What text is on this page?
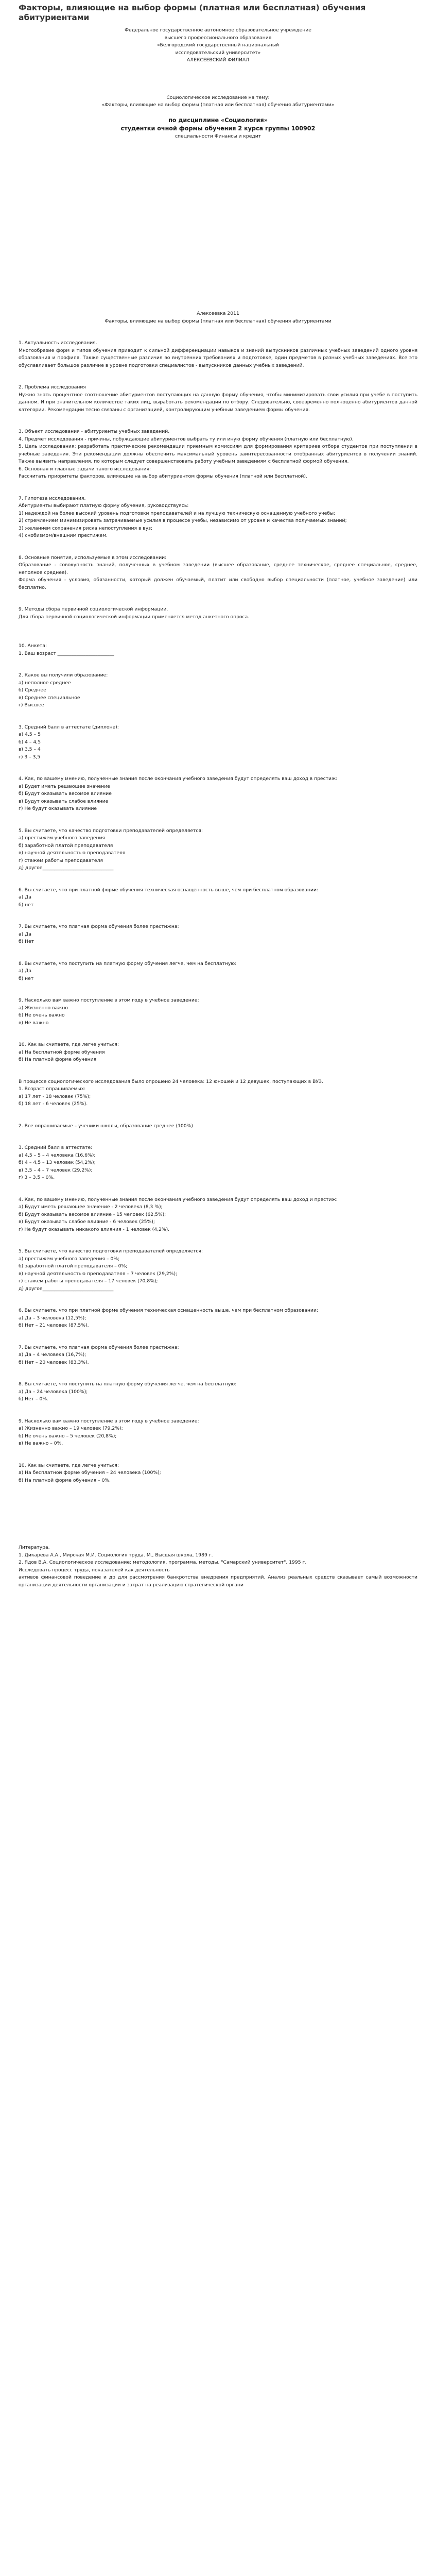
Факторы, влияющие на выбор формы (платная или бесплатная) обучения абитуриентами

Федеральное государственное автономное образовательное учреждение

высшего профессионального образования

«Белгородский государственный национальный

исследовательский университет»

АЛЕКСЕЕВСКИЙ ФИЛИАЛ

Социологическое исследование на тему:

«Факторы, влияющие на выбор формы (платная или бесплатная) обучения абитуриентами»

по дисциплине «Социология»

студентки очной формы обучения 2 курса группы 100902

специальности Финансы и кредит

Алексеевка 2011

Факторы, влияющие на выбор формы (платная или бесплатная) обучения абитуриентами

1. Актуальность исследования.

Многообразие форм и типов обучения приводит к сильной дифференциации навыков и знаний выпускников различных учебных заведений одного уровня образования и профиля. Также существенные различия во внутренних требованиях и подготовке, один предметов в разных учебных заведениях. Все это обуславливает большое различие в уровне подготовки специалистов - выпускников данных учебных заведений.

2. Проблема исследования

Нужно знать процентное соотношение абитуриентов поступающих на данную форму обучения, чтобы минимизировать свои усилия при учебе в поступить данном. И при значительном количестве таких лиц, выработать рекомендации по отбору. Следовательно, своевременно полноценно абитуриентов данной категории. Рекомендации тесно связаны с организацией, контролирующим учебным заведением формы обучения.

3. Объект исследования - абитуриенты учебных заведений.

4. Предмет исследования - причины, побуждающие абитуриентов выбрать ту или иную форму обучения (платную или бесплатную).

5. Цель исследования: разработать практические рекомендации приемным комиссиям для формирования критериев отбора студентов при поступлении в учебные заведения. Эти рекомендации должны обеспечить максимальный уровень заинтересованности отобранных абитуриентов в получении знаний. Также выявить направления, по которым следует совершенствовать работу учебным заведениям с бесплатной формой обучения.

6. Основная и главные задачи такого исследования:

Рассчитать приоритеты факторов, влияющие на выбор абитуриентом формы обучения (платной или бесплатной).

7. Гипотеза исследования.

Абитуриенты выбирают платную форму обучения, руководствуясь:

1) надеждой на более высокий уровень подготовки преподавателей и на лучшую техническую оснащенную учебного учебы;

2) стремлением минимизировать затрачиваемые усилия в процессе учебы, независимо от уровня и качества получаемых знаний;

3) желанием сохранения риска непоступления в вуз;

4) снобизмом/внешним престижем.

8. Основные понятия, используемые в этом исследовании:

Образование - совокупность знаний, полученных в учебном заведении (высшее образование, среднее техническое, среднее специальное, среднее, неполное среднее).

Форма обучения - условия, обязанности, который должен обучаемый, платит или свободно выбор специальности (платное, учебное заведение) или бесплатно.

9. Методы сбора первичной социологической информации.

Для сбора первичной социологической информации применяется метод анкетного опроса.

10. Анкета:

1. Ваш возраст ________________________

2. Какое вы получили образование:

а) неполное среднее

б) Среднее

в) Среднее специальное

г) Высшее

3. Средний балл в аттестате (диплоне):

а) 4,5 – 5

б) 4 – 4,5

в) 3,5 – 4

г) 3 – 3,5

4. Как, по вашему мнению, полученные знания после окончания учебного заведения будут определять ваш доход в престиж:

а) Будет иметь решающее значение

б) Будут оказывать весомое влияние

в) Будут оказывать слабое влияние

г) Не будут оказывать влияние

5. Вы считаете, что качество подготовки преподавателей определяется:

а) престижем учебного заведения

б) заработной платой преподавателя

в) научной деятельностью преподавателя

г) стажем работы преподавателя

д) другое______________________________

6. Вы считаете, что при платной форме обучения техническая оснащенность выше, чем при бесплатном образовании:

а) Да

б) нет

7. Вы считаете, что платная форма обучения более престижна:

а) Да

б) Нет

8. Вы считаете, что поступить на платную форму обучения легче, чем на бесплатную:

а) Да

б) нет

9. Насколько вам важно поступление в этом году в учебное заведение:

а) Жизненно важно

б) Не очень важно

в) Не важно

10. Как вы считаете, где легче учиться:

а) На бесплатной форме обучения

б) На платной форме обучения

В процессе социологического исследования было опрошено 24 человека: 12 юношей и 12 девушек, поступающих в ВУЗ.

1. Возраст опрашиваемых:

а) 17 лет - 18 человек (75%);

б) 18 лет - 6 человек (25%).

2. Все опрашиваемые – ученики школы, образование среднее (100%)

3. Средний балл в аттестате:

а) 4,5 – 5 – 4 человека (16,6%);

б) 4 – 4,5 – 13 человек (54,2%);

в) 3,5 – 4 – 7 человек (29,2%);

г) 3 – 3,5 – 0%.

4. Как, по вашему мнению, полученные знания после окончания учебного заведения будут определять ваш доход и престиж:

а) Будут иметь решающее значение - 2 человека (8,3 %);

б) Будут оказывать весомое влияние - 15 человек (62,5%);

в) Будут оказывать слабое влияние - 6 человек (25%);

г) Не будут оказывать никакого влияния - 1 человек (4,2%).

5. Вы считаете, что качество подготовки преподавателей определяется:

а) престижем учебного заведения – 0%;

б) заработной платой преподавателя – 0%;

в) научной деятельностью преподавателя – 7 человек (29,2%);

г) стажем работы преподавателя – 17 человек (70,8%);

д) другое______________________________

6. Вы считаете, что при платной форме обучения техническая оснащенность выше, чем при бесплатном образовании:

а) Да – 3 человека (12,5%);

б) Нет – 21 человек (87,5%).

7. Вы считаете, что платная форма обучения более престижна:

а) Да – 4 человека (16,7%);

б) Нет – 20 человек (83,3%).

8. Вы считаете, что поступить на платную форму обучения легче, чем на бесплатную:

а) Да – 24 человека (100%);

б) Нет – 0%.

9. Насколько вам важно поступление в этом году в учебное заведение:

а) Жизненно важно – 19 человек (79,2%);

б) Не очень важно – 5 человек (20,8%);

в) Не важно – 0%.

10. Как вы считаете, где легче учиться:

а) На бесплатной форме обучения – 24 человека (100%);

б) На платной форме обучения – 0%.

Литература.

1. Дикарева А.А., Мирская М.И. Социология труда. М., Высшая школа, 1989 г.

2. Ядов В.А. Социологическое исследование: методология, программа, методы. "Самарский университет", 1995 г.

Исследовать процесс труда, показателей как деятельность

активов финансовой поведение и др для рассмотрения банкротства внедрения предприятий. Анализ реальных средств сказывает самый возможности организации деятельности организации и затрат на реализацию стратегической органи
